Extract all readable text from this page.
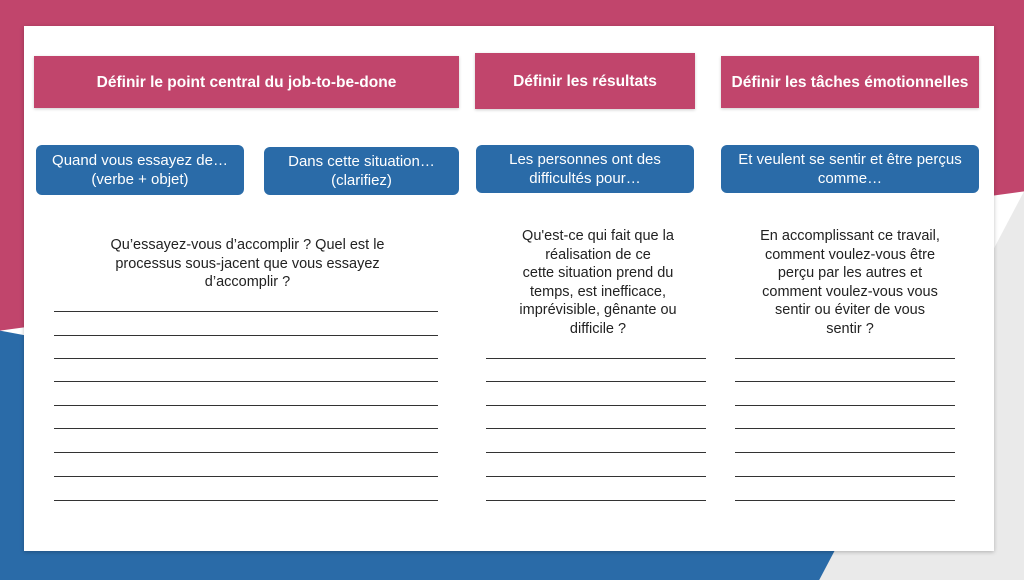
Définir le point central du job-to-be-done
Quand vous essayez de…(verbe + objet)
Dans cette situation…(clarifiez)
Qu’essayez-vous d’accomplir ? Quel est le
processus sous-jacent que vous essayez
d’accomplir ?
Définir les résultats
Les personnes ont des difficultés pour…
Qu'est-ce qui fait que la
réalisation de ce
cette situation prend du
temps, est inefficace,
imprévisible, gênante ou
difficile ?
Définir les tâches émotionnelles
Et veulent se sentir et être perçus comme…
En accomplissant ce travail,
comment voulez-vous être
perçu par les autres et
comment voulez-vous vous
sentir ou éviter de vous
sentir ?
